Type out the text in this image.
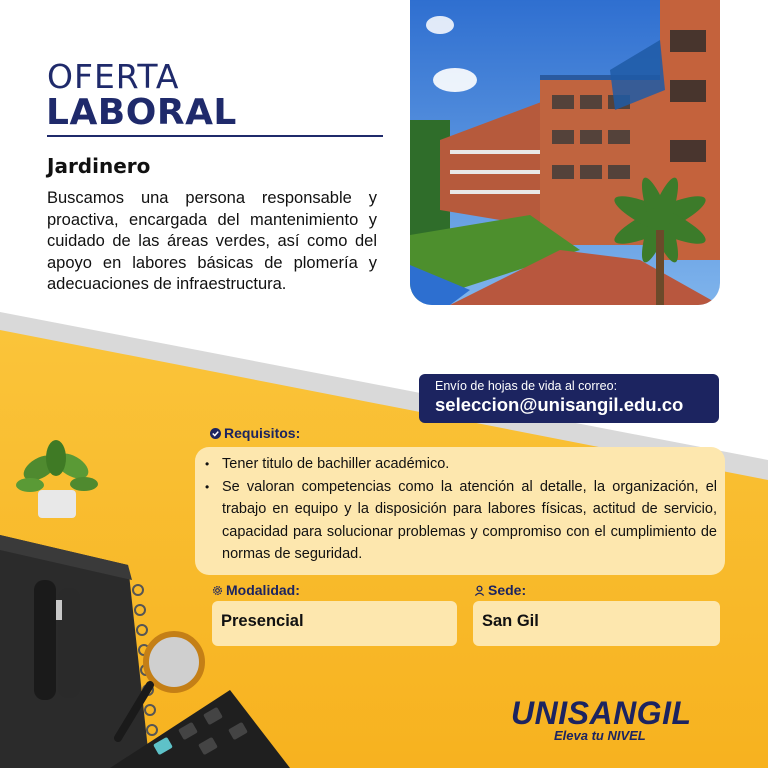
OFERTA
LABORAL
Jardinero
Buscamos una persona responsable y proactiva, encargada del mantenimiento y cuidado de las áreas verdes, así como del apoyo en labores básicas de plomería y adecuaciones de infraestructura.
Envío de hojas de vida al correo:
seleccion@unisangil.edu.co
Requisitos:
• Tener titulo de bachiller académico.
• Se valoran competencias como la atención al detalle, la organización, el trabajo en equipo y la disposición para labores físicas, actitud de servicio, capacidad para solucionar problemas y compromiso con el cumplimiento de normas de seguridad.
Modalidad:
Presencial
Sede:
San Gil
UNISANGIL
Eleva tu NIVEL
